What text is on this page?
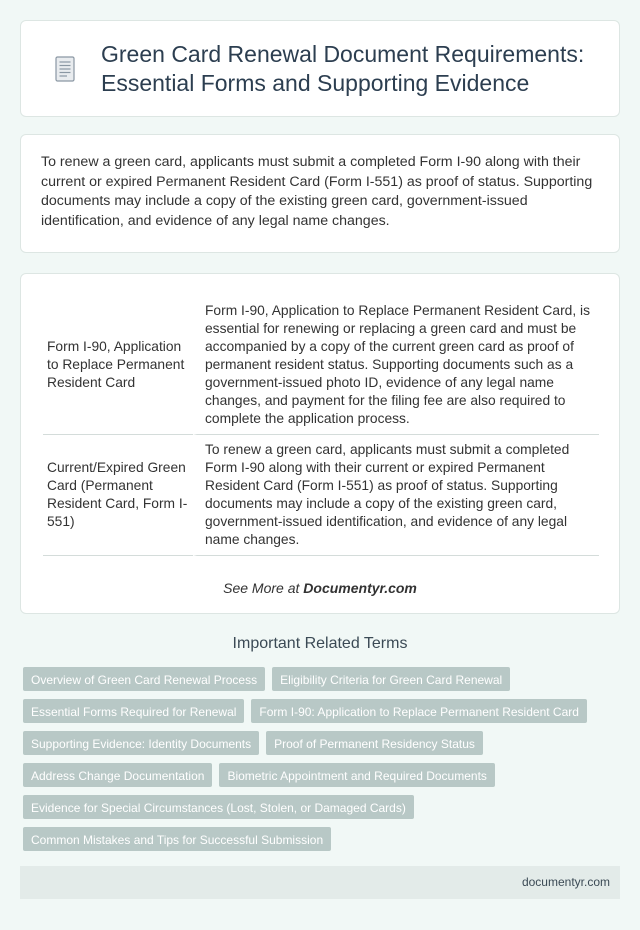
Green Card Renewal Document Requirements: Essential Forms and Supporting Evidence

To renew a green card, applicants must submit a completed Form I-90 along with their current or expired Permanent Resident Card (Form I-551) as proof of status. Supporting documents may include a copy of the existing green card, government-issued identification, and evidence of any legal name changes.

Form I-90, Application to Replace Permanent Resident Card	Form I-90, Application to Replace Permanent Resident Card, is essential for renewing or replacing a green card and must be accompanied by a copy of the current green card as proof of permanent resident status. Supporting documents such as a government-issued photo ID, evidence of any legal name changes, and payment for the filing fee are also required to complete the application process.
Current/Expired Green Card (Permanent Resident Card, Form I-551)	To renew a green card, applicants must submit a completed Form I-90 along with their current or expired Permanent Resident Card (Form I-551) as proof of status. Supporting documents may include a copy of the existing green card, government-issued identification, and evidence of any legal name changes.
See More at Documentyr.com
Important Related Terms
Overview of Green Card Renewal Process	Eligibility Criteria for Green Card Renewal
Essential Forms Required for Renewal	Form I-90: Application to Replace Permanent Resident Card
Supporting Evidence: Identity Documents	Proof of Permanent Residency Status
Address Change Documentation	Biometric Appointment and Required Documents
Evidence for Special Circumstances (Lost, Stolen, or Damaged Cards)
Common Mistakes and Tips for Successful Submission
documentyr.com
